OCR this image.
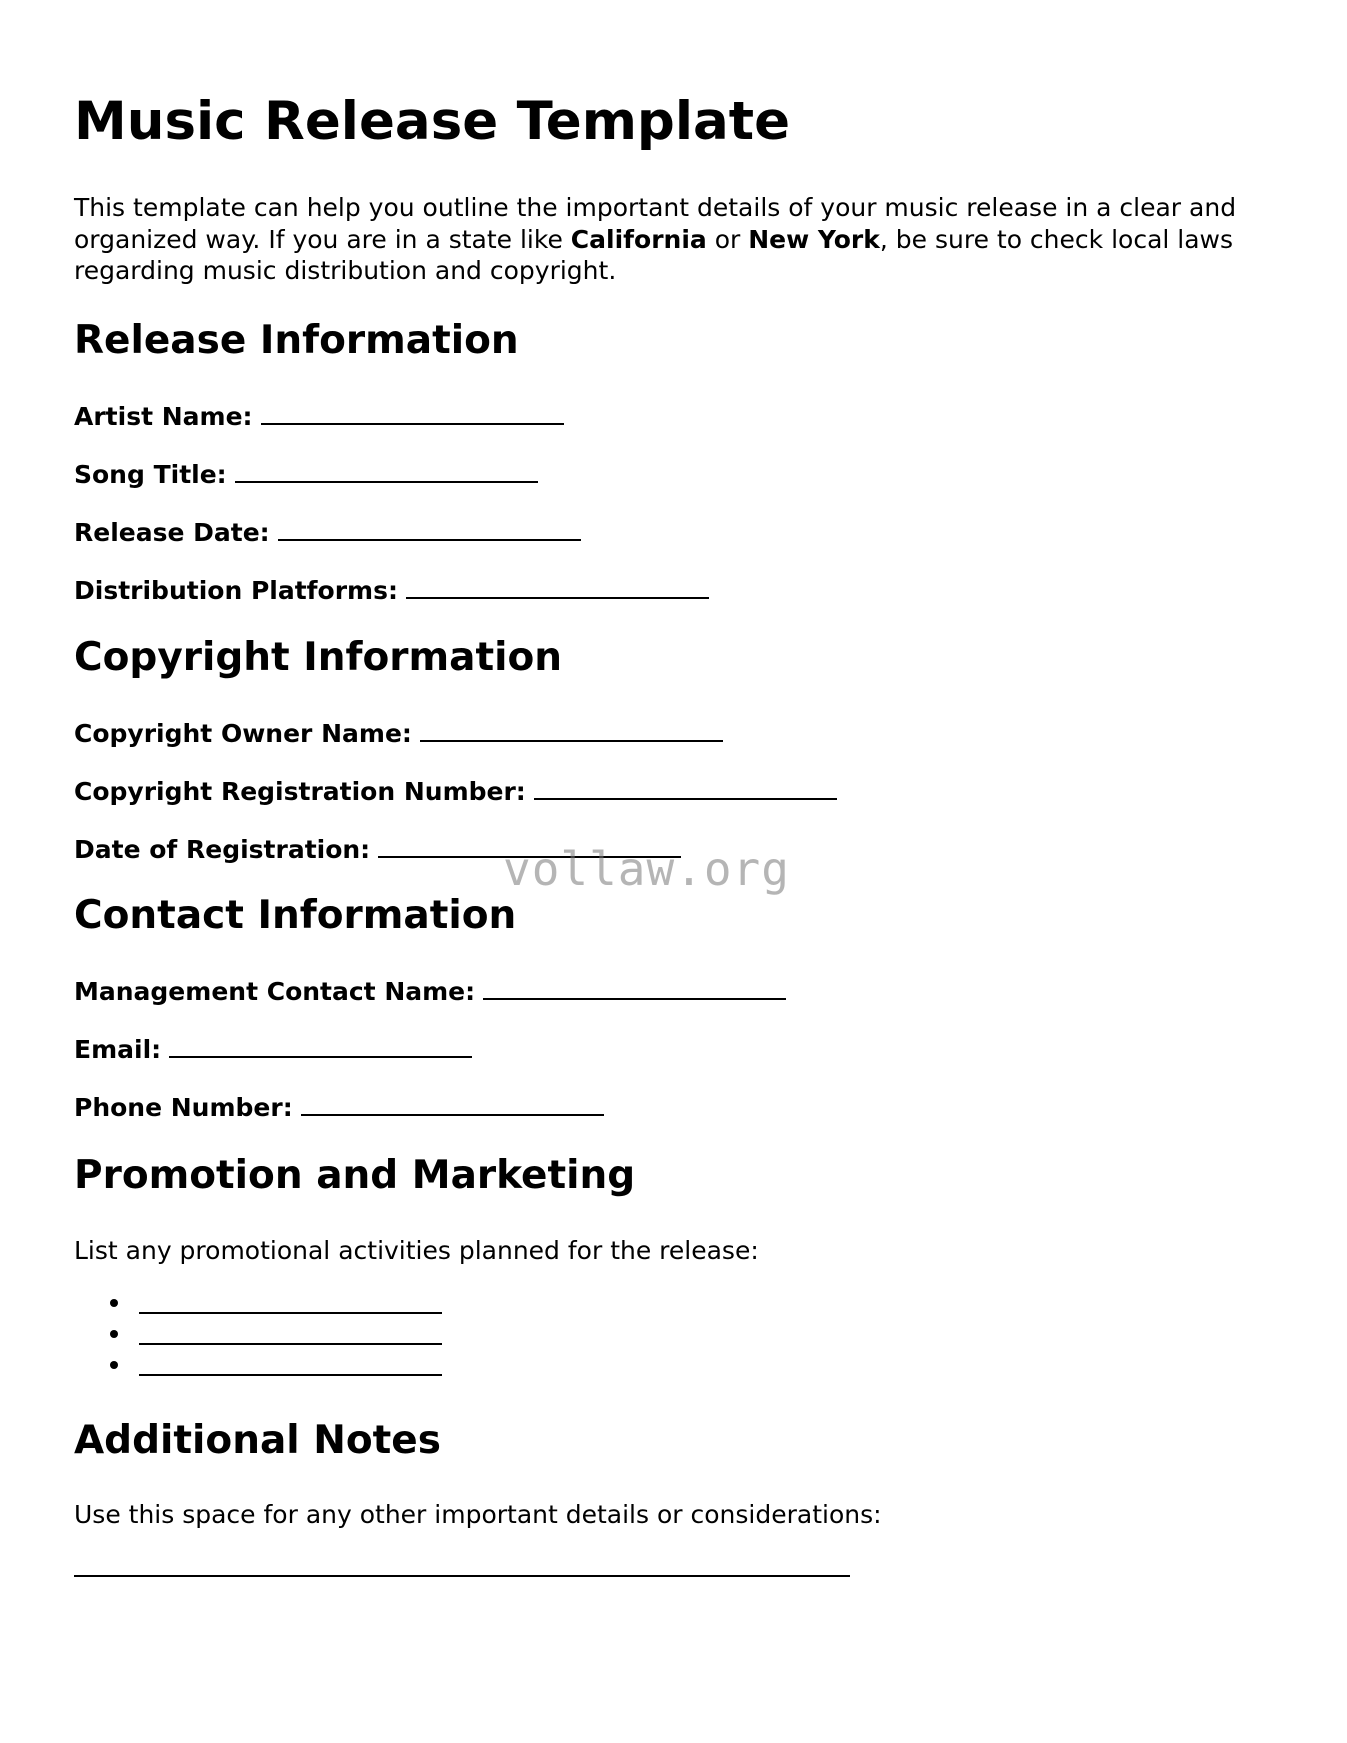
Music Release Template

This template can help you outline the important details of your music release in a clear and organized way. If you are in a state like California or New York, be sure to check local laws regarding music distribution and copyright.

Release Information

Artist Name:

Song Title:

Release Date:

Distribution Platforms:

Copyright Information

Copyright Owner Name:

Copyright Registration Number:

Date of Registration:

Contact Information

Management Contact Name:

Email:

Phone Number:

Promotion and Marketing

List any promotional activities planned for the release:

Additional Notes

Use this space for any other important details or considerations:

vollaw.org
